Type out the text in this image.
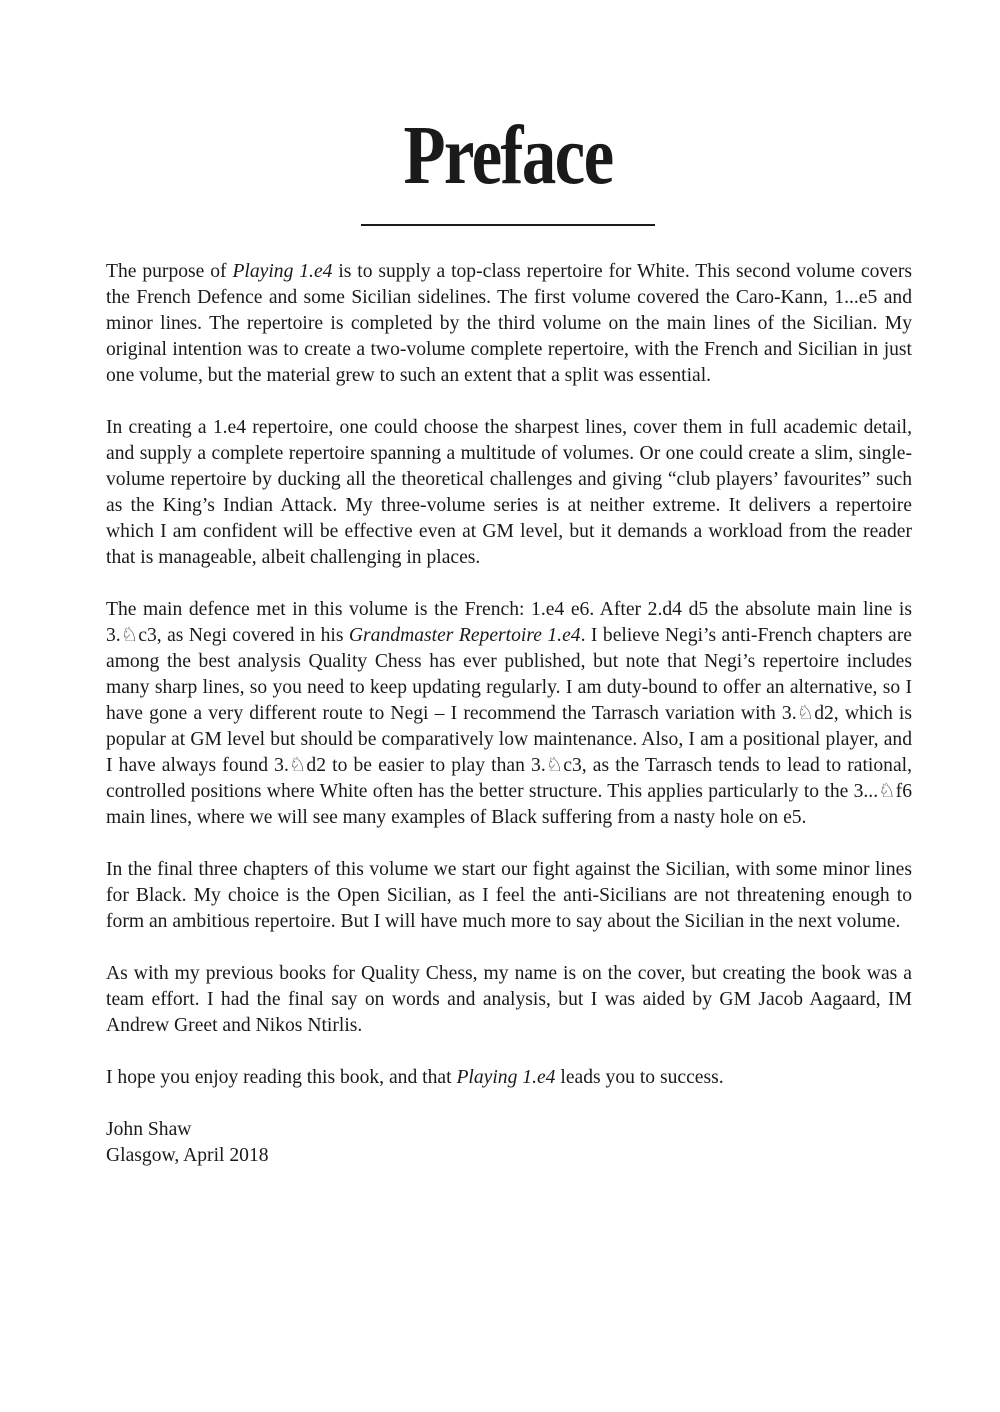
Preface

The purpose of Playing 1.e4 is to supply a top-class repertoire for White. This second volume covers the French Defence and some Sicilian sidelines. The first volume covered the Caro-Kann, 1...e5 and minor lines. The repertoire is completed by the third volume on the main lines of the Sicilian. My original intention was to create a two-volume complete repertoire, with the French and Sicilian in just one volume, but the material grew to such an extent that a split was essential.

In creating a 1.e4 repertoire, one could choose the sharpest lines, cover them in full academic detail, and supply a complete repertoire spanning a multitude of volumes. Or one could create a slim, single-volume repertoire by ducking all the theoretical challenges and giving “club players’ favourites” such as the King’s Indian Attack. My three-volume series is at neither extreme. It delivers a repertoire which I am confident will be effective even at GM level, but it demands a workload from the reader that is manageable, albeit challenging in places.

The main defence met in this volume is the French: 1.e4 e6. After 2.d4 d5 the absolute main line is 3.♘c3, as Negi covered in his Grandmaster Repertoire 1.e4. I believe Negi’s anti-French chapters are among the best analysis Quality Chess has ever published, but note that Negi’s repertoire includes many sharp lines, so you need to keep updating regularly. I am duty-bound to offer an alternative, so I have gone a very different route to Negi – I recommend the Tarrasch variation with 3.♘d2, which is popular at GM level but should be comparatively low maintenance. Also, I am a positional player, and I have always found 3.♘d2 to be easier to play than 3.♘c3, as the Tarrasch tends to lead to rational, controlled positions where White often has the better structure. This applies particularly to the 3...♘f6 main lines, where we will see many examples of Black suffering from a nasty hole on e5.

In the final three chapters of this volume we start our fight against the Sicilian, with some minor lines for Black. My choice is the Open Sicilian, as I feel the anti-Sicilians are not threatening enough to form an ambitious repertoire. But I will have much more to say about the Sicilian in the next volume.

As with my previous books for Quality Chess, my name is on the cover, but creating the book was a team effort. I had the final say on words and analysis, but I was aided by GM Jacob Aagaard, IM Andrew Greet and Nikos Ntirlis.

I hope you enjoy reading this book, and that Playing 1.e4 leads you to success.

John Shaw
Glasgow, April 2018
